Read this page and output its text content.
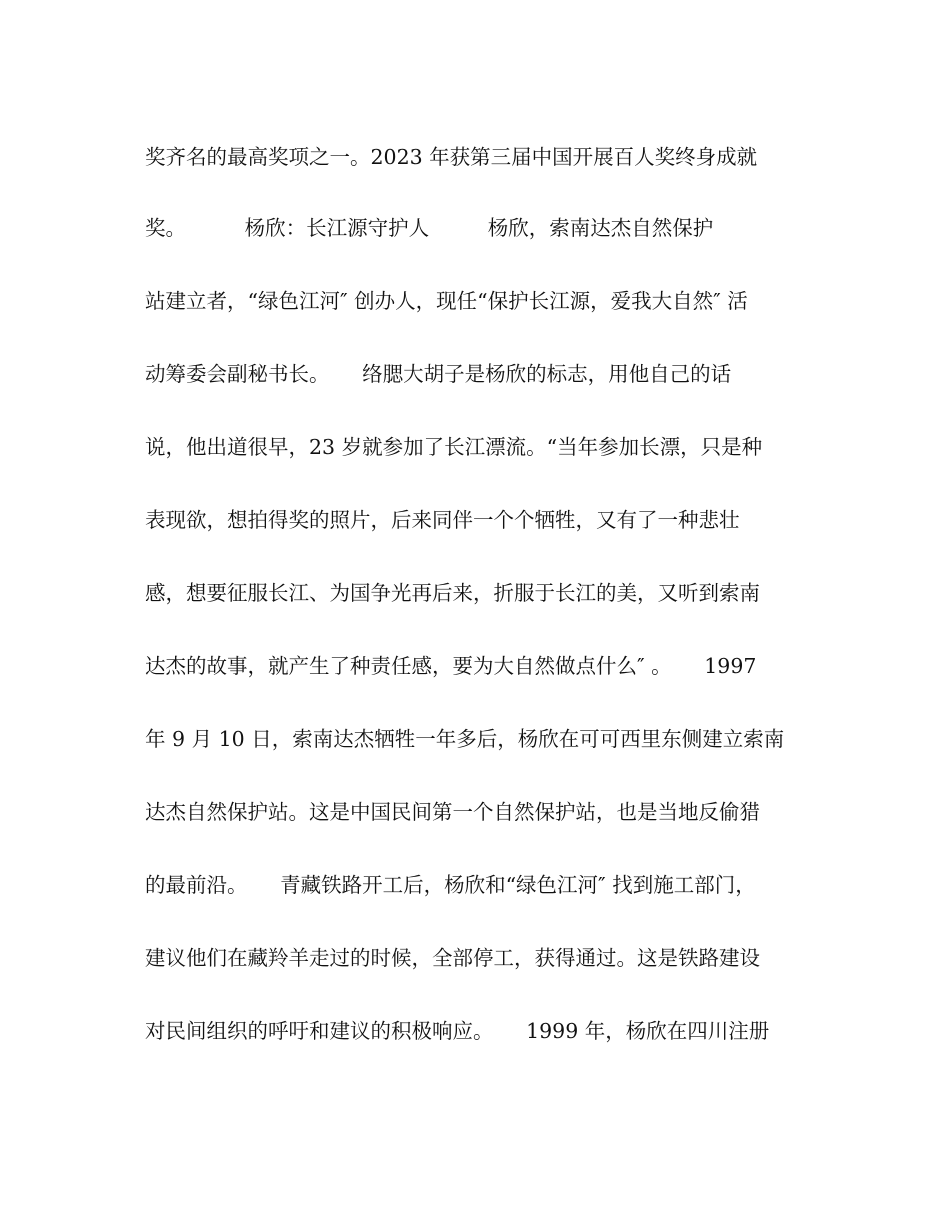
奖齐名的最高奖项之一。2023 年获第三届中国开展百人奖终身成就
奖。         杨欣：长江源守护人         杨欣，索南达杰自然保护
站建立者，“绿色江河″ 创办人，现任“保护长江源，爱我大自然″ 活
动筹委会副秘书长。     络腮大胡子是杨欣的标志，用他自己的话
说，他出道很早，23 岁就参加了长江漂流。“当年参加长漂，只是种
表现欲，想拍得奖的照片，后来同伴一个个牺牲，又有了一种悲壮
感，想要征服长江、为国争光再后来，折服于长江的美，又听到索南
达杰的故事，就产生了种责任感，要为大自然做点什么″ 。     1997
年 9 月 10 日，索南达杰牺牲一年多后，杨欣在可可西里东侧建立索南
达杰自然保护站。这是中国民间第一个自然保护站，也是当地反偷猎
的最前沿。     青藏铁路开工后，杨欣和“绿色江河″ 找到施工部门，
建议他们在藏羚羊走过的时候，全部停工，获得通过。这是铁路建设
对民间组织的呼吁和建议的积极响应。     1999 年，杨欣在四川注册
